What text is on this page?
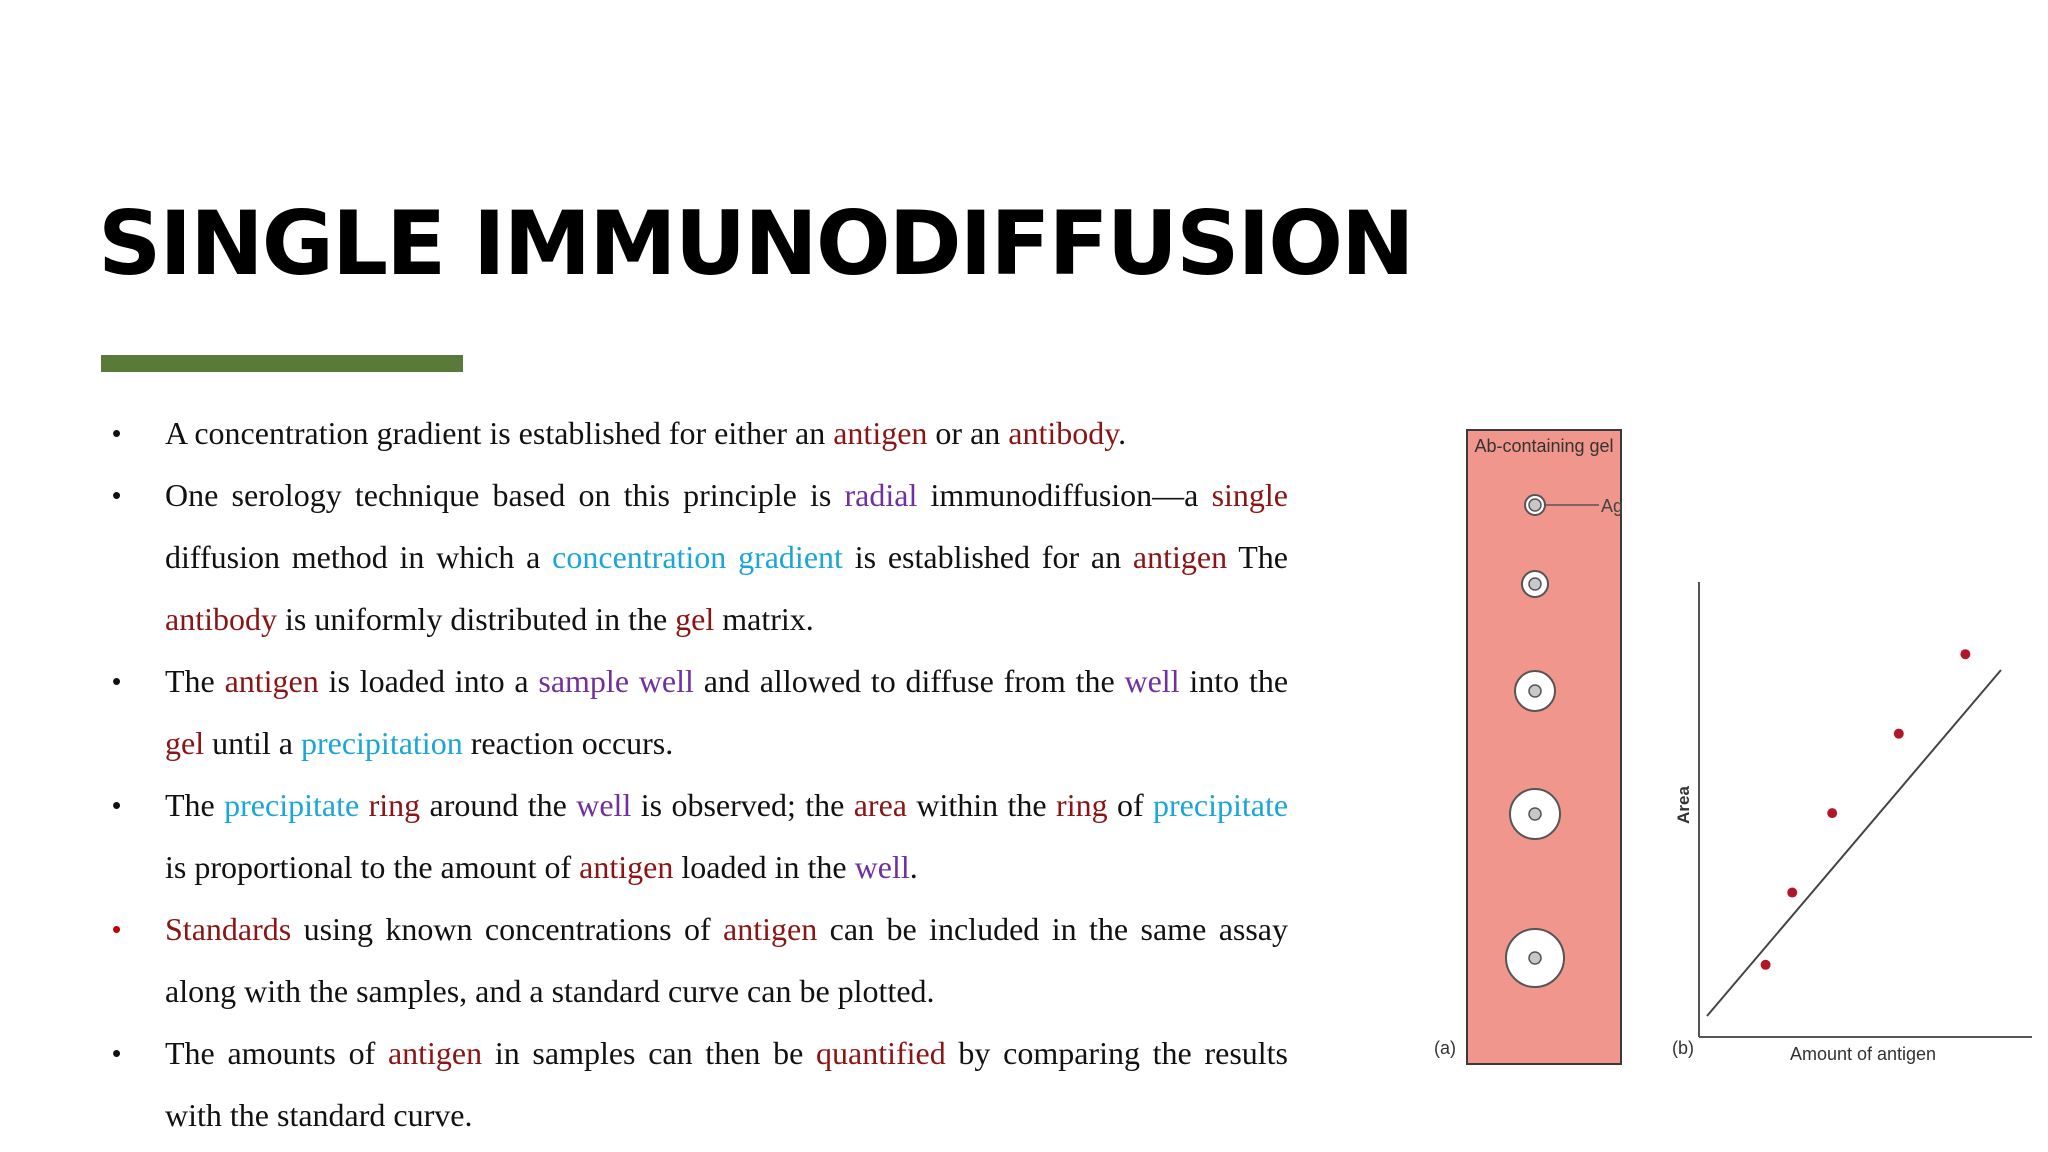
SINGLE IMMUNODIFFUSION
• A concentration gradient is established for either an antigen or an antibody.
• One serology technique based on this principle is radial immunodiffusion—a single diffusion method in which a concentration gradient is established for an antigen The antibody is uniformly distributed in the gel matrix.
• The antigen is loaded into a sample well and allowed to diffuse from the well into the gel until a precipitation reaction occurs.
• The precipitate ring around the well is observed; the area within the ring of precipitate is proportional to the amount of antigen loaded in the well.
• Standards using known concentrations of antigen can be included in the same assay along with the samples, and a standard curve can be plotted.
• The amounts of antigen in samples can then be quantified by comparing the results with the standard curve.
Ab-containing gel
Ag
(a)
Area
Amount of antigen
(b)
